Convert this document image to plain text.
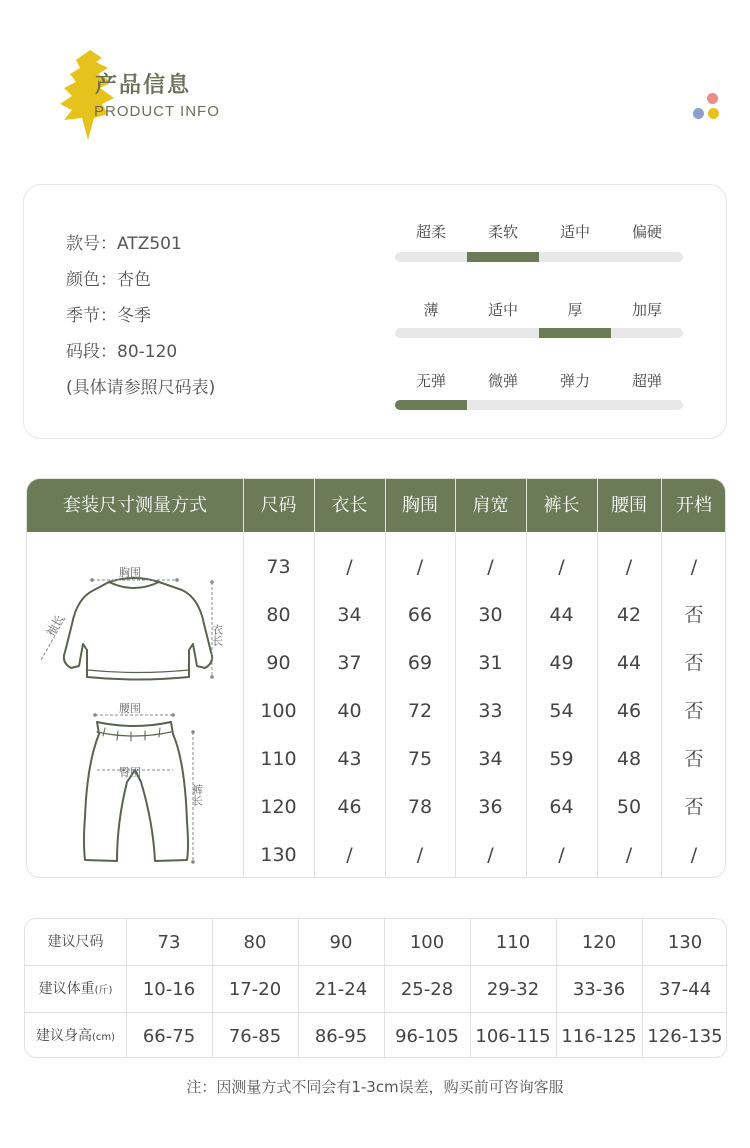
产品信息
PRODUCT INFO
款号：ATZ501
颜色：杏色
季节：冬季
码段：80-120
(具体请参照尺码表)
超柔	柔软	适中	偏硬
薄	适中	厚	加厚
无弹	微弹	弹力	超弹
套装尺寸测量方式	尺码	衣长	胸围	肩宽	裤长	腰围	开档
胸围
袖长	衣长
腰围
臀围
裤长
73	/	/	/	/	/	/
80	34	66	30	44	42	否
90	37	69	31	49	44	否
100	40	72	33	54	46	否
110	43	75	34	59	48	否
120	46	78	36	64	50	否
130	/	/	/	/	/	/
建议尺码	73	80	90	100	110	120	130
建议体重(斤)	10-16	17-20	21-24	25-28	29-32	33-36	37-44
建议身高(cm)	66-75	76-85	86-95	96-105 106-115 116-125 126-135
注：因测量方式不同会有1-3cm误差，购买前可咨询客服
